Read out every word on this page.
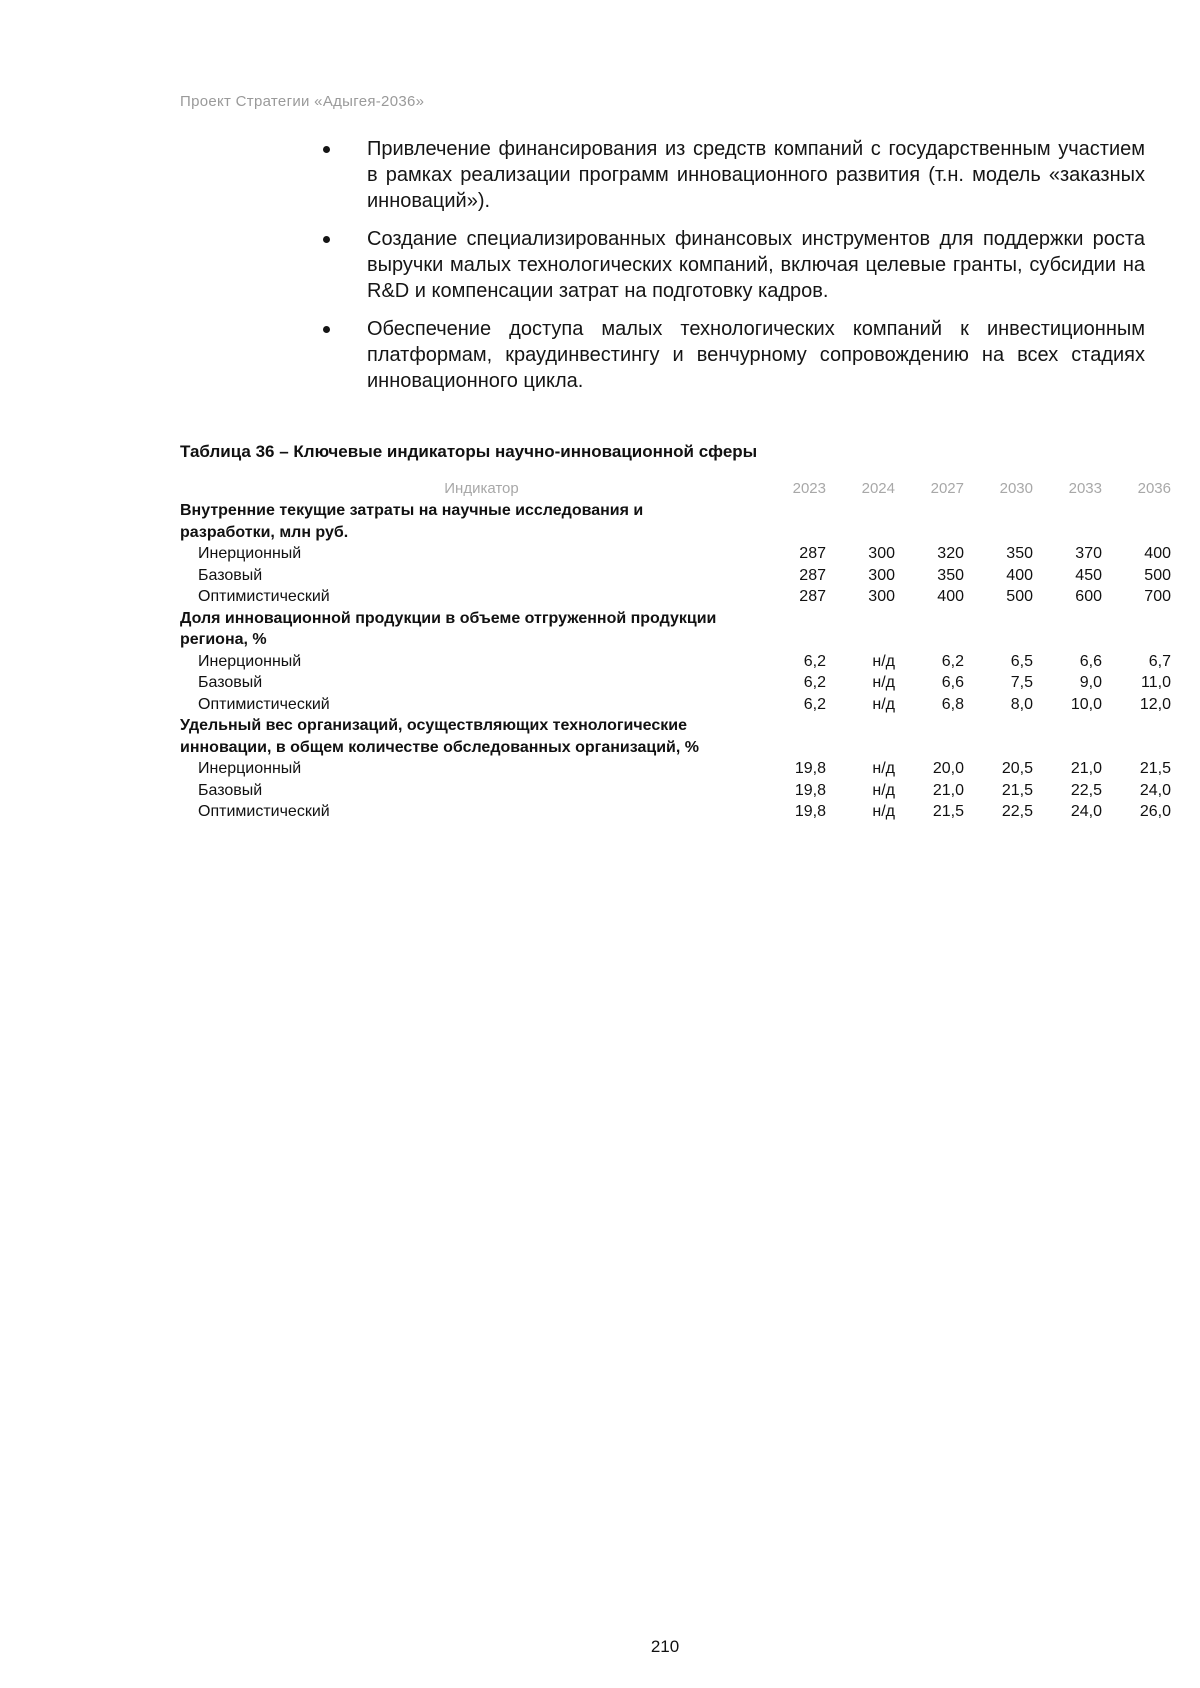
Проект Стратегии «Адыгея-2036»
Привлечение финансирования из средств компаний с государственным участием в рамках реализации программ инновационного развития (т.н. модель «заказных инноваций»).
Создание специализированных финансовых инструментов для поддержки роста выручки малых технологических компаний, включая целевые гранты, субсидии на R&D и компенсации затрат на подготовку кадров.
Обеспечение доступа малых технологических компаний к инвестиционным платформам, краудинвестингу и венчурному сопровождению на всех стадиях инновационного цикла.
Таблица 36 – Ключевые индикаторы научно-инновационной сферы
Индикатор	2023	2024	2027	2030	2033	2036
Внутренние текущие затраты на научные исследования и разработки, млн руб.						
Инерционный	287	300	320	350	370	400
Базовый	287	300	350	400	450	500
Оптимистический	287	300	400	500	600	700
Доля инновационной продукции в объеме отгруженной продукции региона, %						
Инерционный	6,2	н/д	6,2	6,5	6,6	6,7
Базовый	6,2	н/д	6,6	7,5	9,0	11,0
Оптимистический	6,2	н/д	6,8	8,0	10,0	12,0
Удельный вес организаций, осуществляющих технологические инновации, в общем количестве обследованных организаций, %						
Инерционный	19,8	н/д	20,0	20,5	21,0	21,5
Базовый	19,8	н/д	21,0	21,5	22,5	24,0
Оптимистический	19,8	н/д	21,5	22,5	24,0	26,0
210
